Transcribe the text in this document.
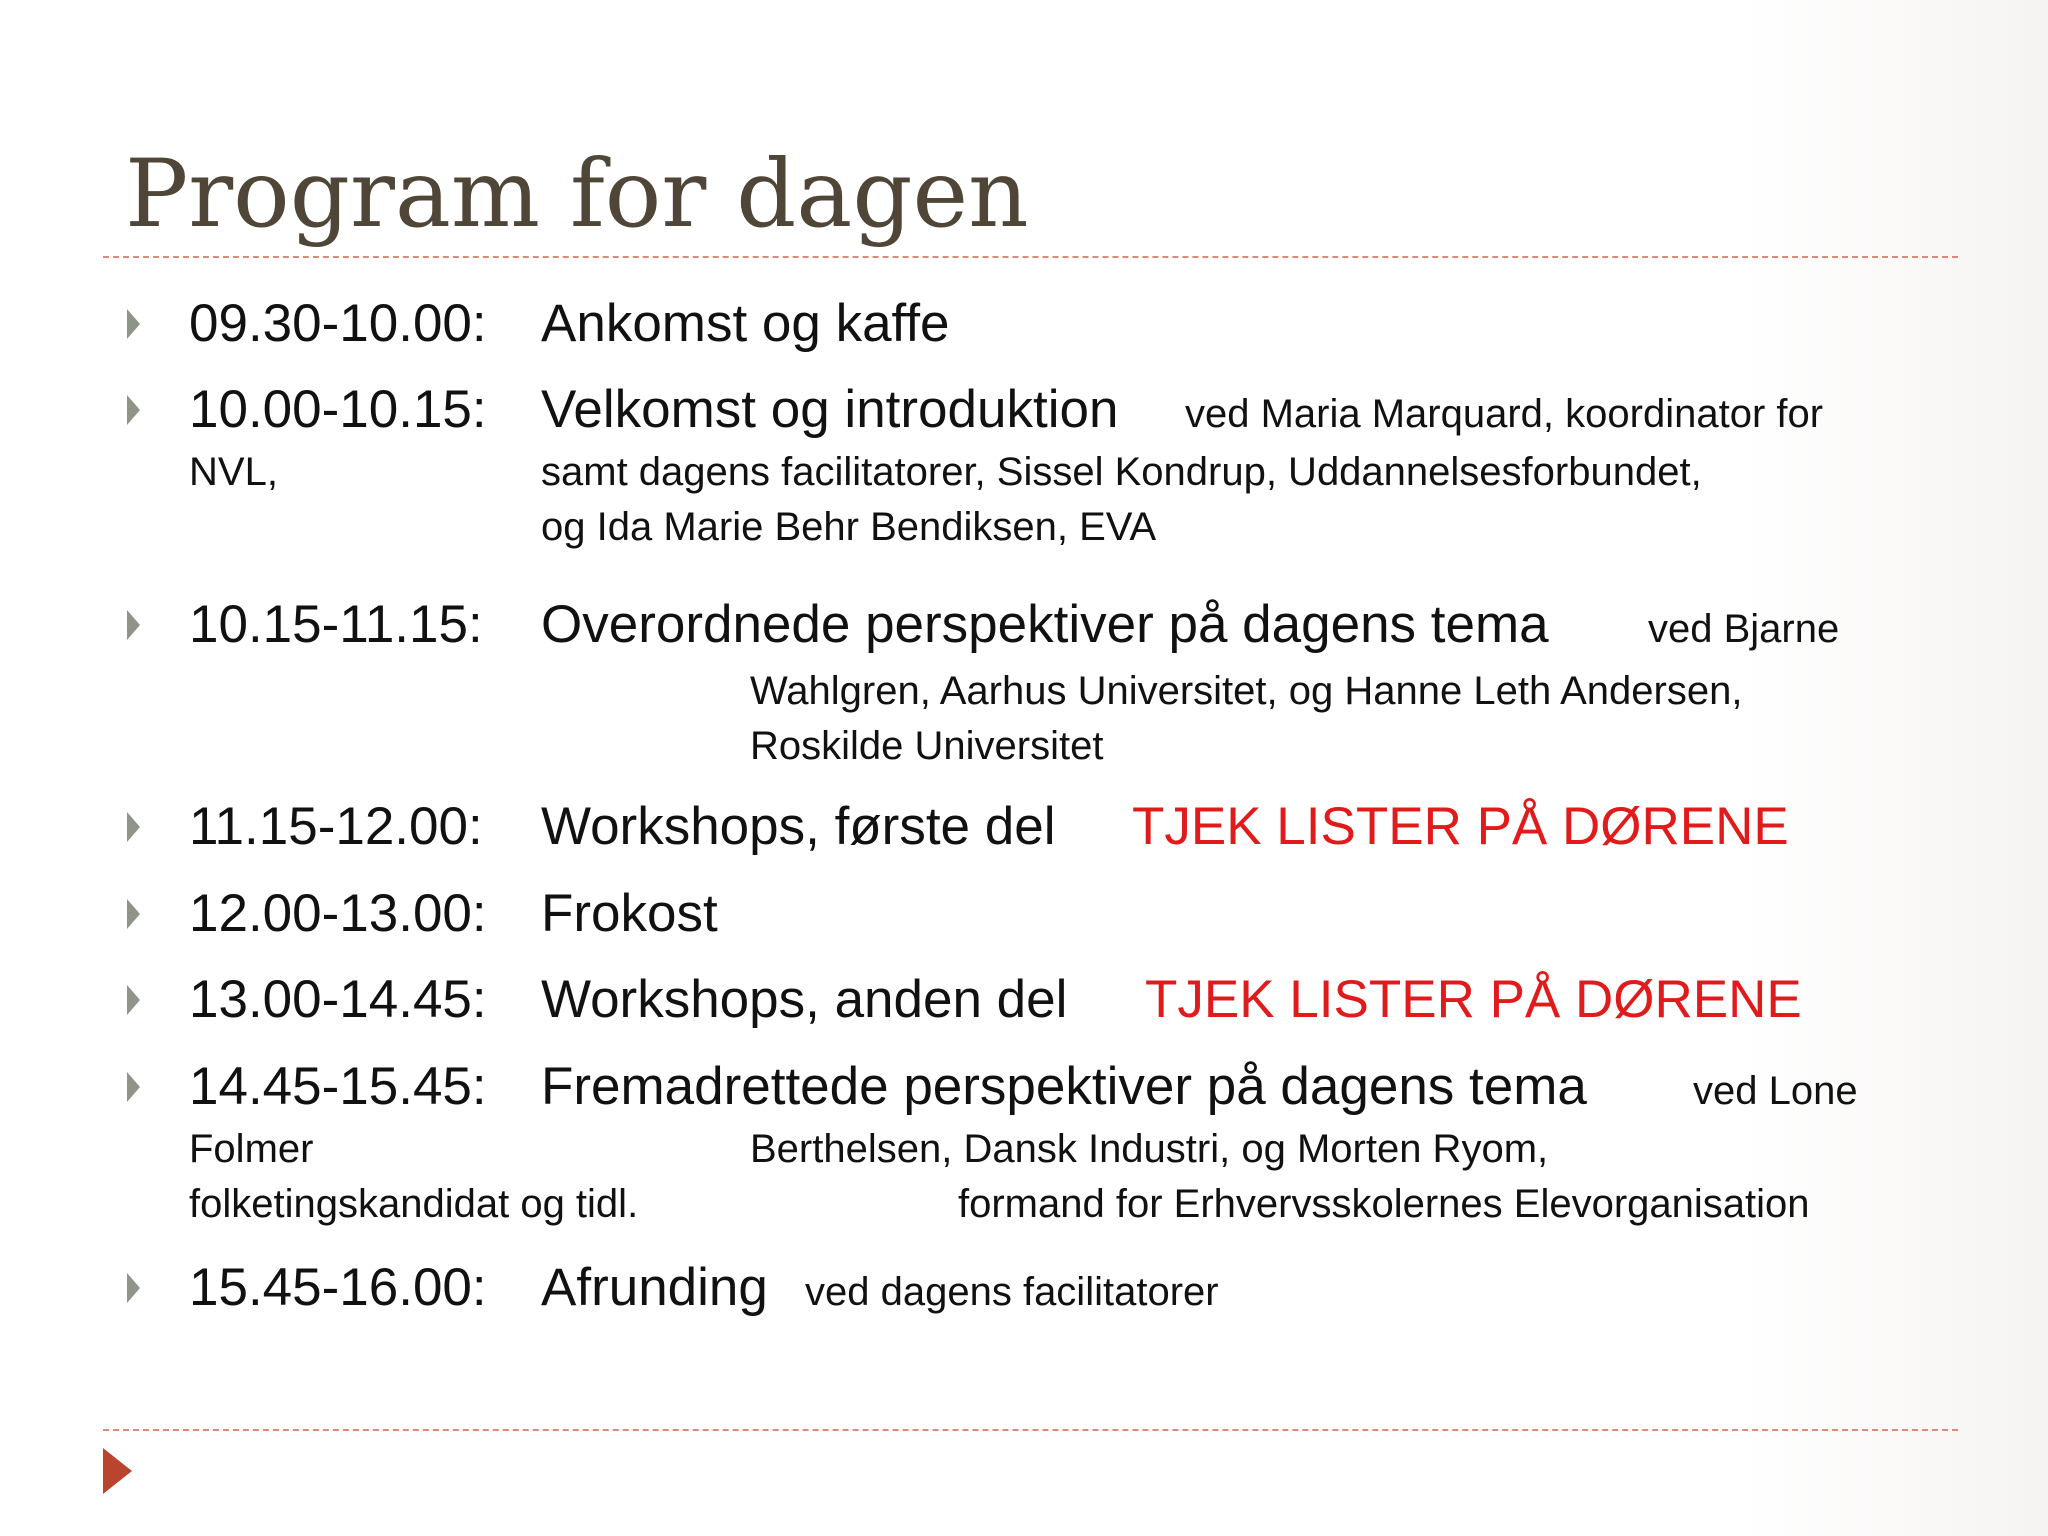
Program for dagen
09.30-10.00: Ankomst og kaffe
10.00-10.15: Velkomst og introduktion ved Maria Marquard, koordinator for
NVL,	samt dagens facilitatorer, Sissel Kondrup, Uddannelsesforbundet,
og Ida Marie Behr Bendiksen, EVA
10.15-11.15: Overordnede perspektiver på dagens tema ved Bjarne
Wahlgren, Aarhus Universitet, og Hanne Leth Andersen,
Roskilde Universitet
11.15-12.00: Workshops, første del TJEK LISTER PÅ DØRENE
12.00-13.00: Frokost
13.00-14.45: Workshops, anden del TJEK LISTER PÅ DØRENE
14.45-15.45: Fremadrettede perspektiver på dagens tema	ved Lone
Folmer	Berthelsen, Dansk Industri, og Morten Ryom,
folketingskandidat og tidl.	formand for Erhvervsskolernes Elevorganisation
15.45-16.00: Afrunding ved dagens facilitatorer
